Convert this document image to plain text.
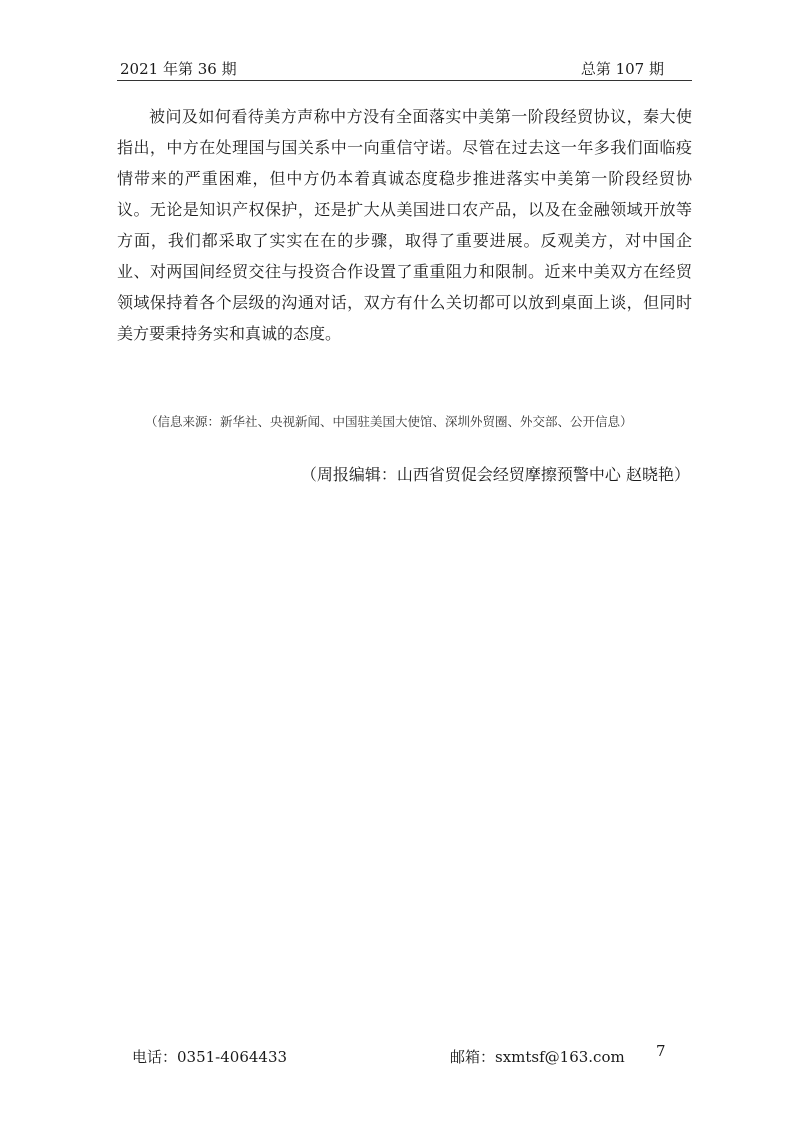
2021 年第 36 期	总第 107 期

被问及如何看待美方声称中方没有全面落实中美第一阶段经贸协议，秦大使指出，中方在处理国与国关系中一向重信守诺。尽管在过去这一年多我们面临疫情带来的严重困难，但中方仍本着真诚态度稳步推进落实中美第一阶段经贸协议。无论是知识产权保护，还是扩大从美国进口农产品，以及在金融领域开放等方面，我们都采取了实实在在的步骤，取得了重要进展。反观美方，对中国企业、对两国间经贸交往与投资合作设置了重重阻力和限制。近来中美双方在经贸领域保持着各个层级的沟通对话，双方有什么关切都可以放到桌面上谈，但同时美方要秉持务实和真诚的态度。

（信息来源：新华社、央视新闻、中国驻美国大使馆、深圳外贸圈、外交部、公开信息）
（周报编辑：山西省贸促会经贸摩擦预警中心 赵晓艳）
电话：0351-4064433	邮箱：sxmtsf@163.com 7
